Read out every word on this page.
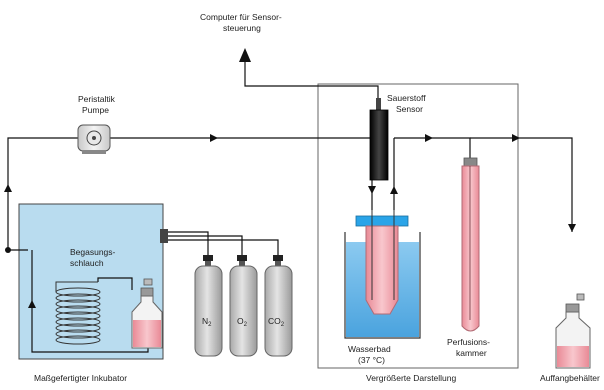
$N_2$	$O_2$ $CO_2$
Computer für Sensor-
steuerung
Peristaltik
Pumpe
Sauerstoff
Sensor
Begasungs-
schlauch
Wasserbad
(37 °C)
Perfusions-
kammer
Maßgefertigter Inkubator	Vergrößerte Darstellung	Auffangbehälter
